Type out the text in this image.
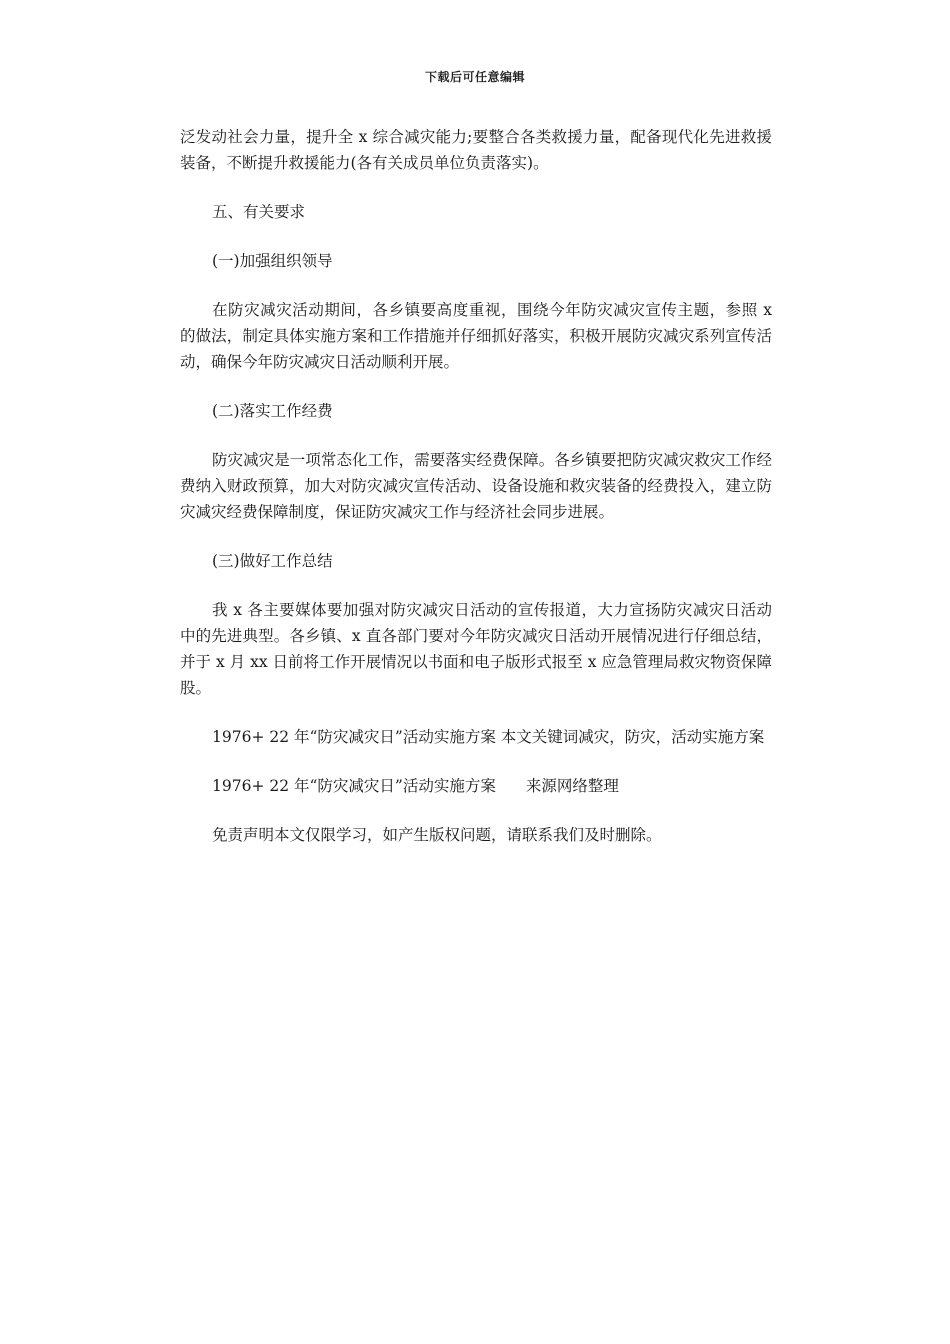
下载后可任意编辑

泛发动社会力量，提升全 x 综合减灾能力;要整合各类救援力量，配备现代化先进救援装备，不断提升救援能力(各有关成员单位负责落实)。

五、有关要求

(一)加强组织领导

在防灾减灾活动期间，各乡镇要高度重视，围绕今年防灾减灾宣传主题，参照 x 的做法，制定具体实施方案和工作措施并仔细抓好落实，积极开展防灾减灾系列宣传活动，确保今年防灾减灾日活动顺利开展。

(二)落实工作经费

防灾减灾是一项常态化工作，需要落实经费保障。各乡镇要把防灾减灾救灾工作经费纳入财政预算，加大对防灾减灾宣传活动、设备设施和救灾装备的经费投入，建立防灾减灾经费保障制度，保证防灾减灾工作与经济社会同步进展。

(三)做好工作总结

我 x 各主要媒体要加强对防灾减灾日活动的宣传报道，大力宣扬防灾减灾日活动中的先进典型。各乡镇、x 直各部门要对今年防灾减灾日活动开展情况进行仔细总结，并于 x 月 xx 日前将工作开展情况以书面和电子版形式报至 x 应急管理局救灾物资保障股。

1976+ 22 年“防灾减灾日”活动实施方案 本文关键词减灾，防灾，活动实施方案

1976+ 22 年“防灾减灾日”活动实施方案 来源网络整理

免责声明本文仅限学习，如产生版权问题，请联系我们及时删除。
